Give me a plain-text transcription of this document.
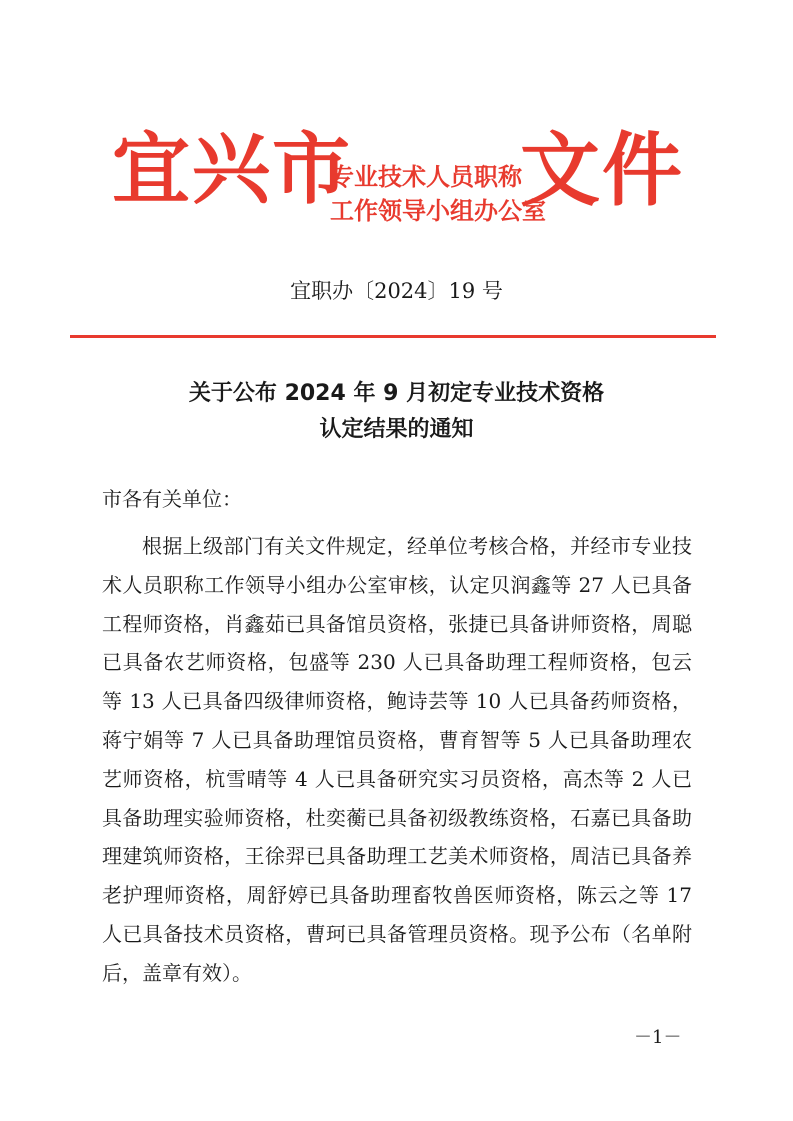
宜兴市
专业技术人员职称
工作领导小组办公室
文件
宜职办〔2024〕19 号
关于公布 2024 年 9 月初定专业技术资格
认定结果的通知
市各有关单位：
根据上级部门有关文件规定，经单位考核合格，并经市专业技术人员职称工作领导小组办公室审核，认定贝润鑫等 27 人已具备工程师资格，肖鑫茹已具备馆员资格，张捷已具备讲师资格，周聪已具备农艺师资格，包盛等 230 人已具备助理工程师资格，包云等 13 人已具备四级律师资格，鲍诗芸等 10 人已具备药师资格，蒋宁娟等 7 人已具备助理馆员资格，曹育智等 5 人已具备助理农艺师资格，杭雪晴等 4 人已具备研究实习员资格，高杰等 2 人已具备助理实验师资格，杜奕蘅已具备初级教练资格，石嘉已具备助理建筑师资格，王徐羿已具备助理工艺美术师资格，周洁已具备养老护理师资格，周舒婷已具备助理畜牧兽医师资格，陈云之等 17 人已具备技术员资格，曹珂已具备管理员资格。现予公布（名单附后，盖章有效）。
－1－
